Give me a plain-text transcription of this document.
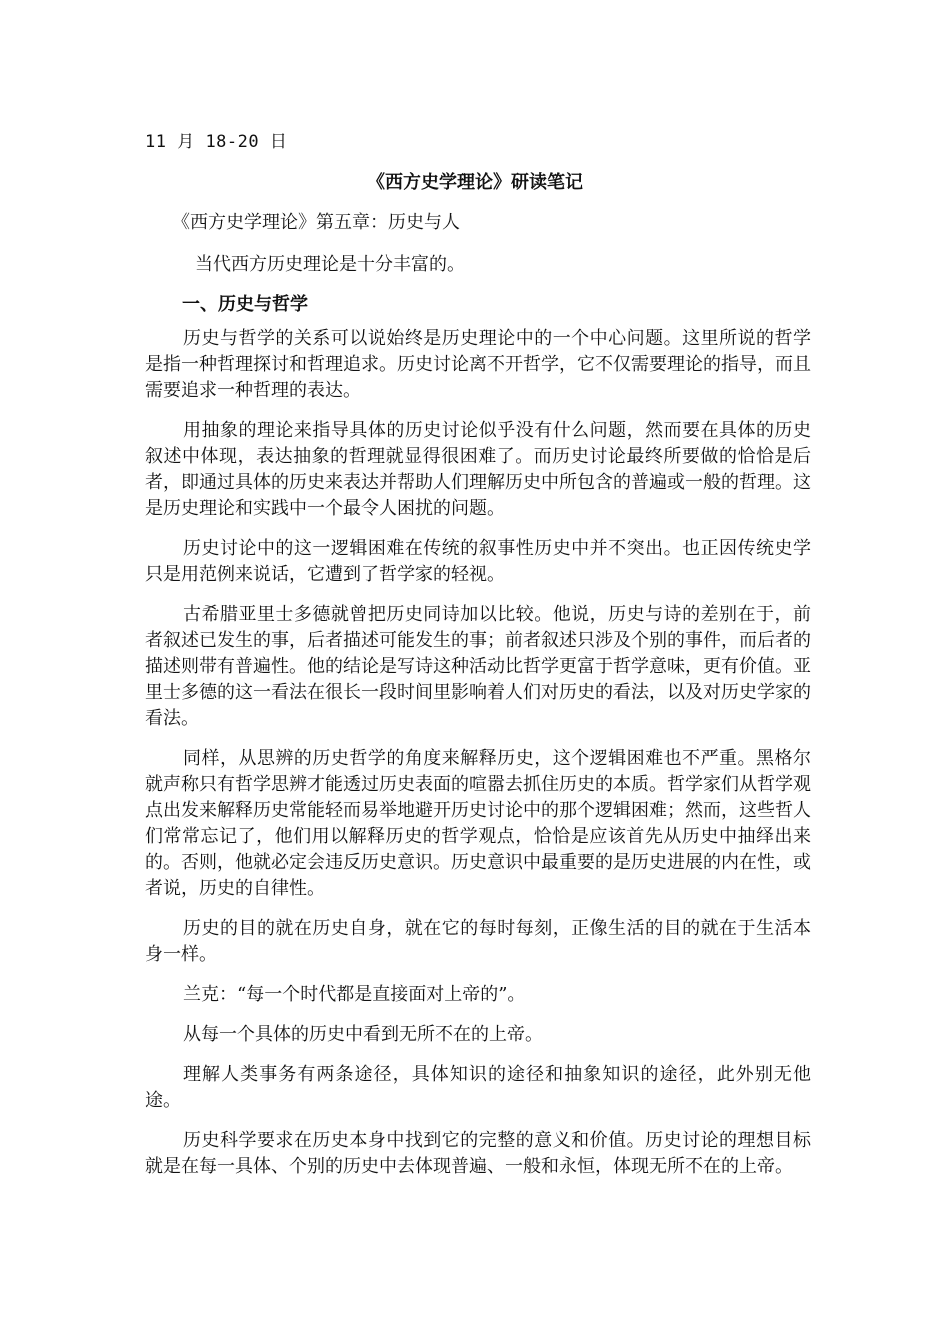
11 月 18-20 日
《西方史学理论》研读笔记
《西方史学理论》第五章：历史与人
当代西方历史理论是十分丰富的。
一、历史与哲学

历史与哲学的关系可以说始终是历史理论中的一个中心问题。这里所说的哲学是指一种哲理探讨和哲理追求。历史讨论离不开哲学，它不仅需要理论的指导，而且需要追求一种哲理的表达。

用抽象的理论来指导具体的历史讨论似乎没有什么问题，然而要在具体的历史叙述中体现，表达抽象的哲理就显得很困难了。而历史讨论最终所要做的恰恰是后者，即通过具体的历史来表达并帮助人们理解历史中所包含的普遍或一般的哲理。这是历史理论和实践中一个最令人困扰的问题。

历史讨论中的这一逻辑困难在传统的叙事性历史中并不突出。也正因传统史学只是用范例来说话，它遭到了哲学家的轻视。

古希腊亚里士多德就曾把历史同诗加以比较。他说，历史与诗的差别在于，前者叙述已发生的事，后者描述可能发生的事；前者叙述只涉及个别的事件，而后者的描述则带有普遍性。他的结论是写诗这种活动比哲学更富于哲学意味，更有价值。亚里士多德的这一看法在很长一段时间里影响着人们对历史的看法，以及对历史学家的看法。

同样，从思辨的历史哲学的角度来解释历史，这个逻辑困难也不严重。黑格尔就声称只有哲学思辨才能透过历史表面的喧嚣去抓住历史的本质。哲学家们从哲学观点出发来解释历史常能轻而易举地避开历史讨论中的那个逻辑困难；然而，这些哲人们常常忘记了，他们用以解释历史的哲学观点，恰恰是应该首先从历史中抽绎出来的。否则，他就必定会违反历史意识。历史意识中最重要的是历史进展的内在性，或者说，历史的自律性。

历史的目的就在历史自身，就在它的每时每刻，正像生活的目的就在于生活本身一样。

兰克：“每一个时代都是直接面对上帝的”。

从每一个具体的历史中看到无所不在的上帝。

理解人类事务有两条途径，具体知识的途径和抽象知识的途径，此外别无他途。

历史科学要求在历史本身中找到它的完整的意义和价值。历史讨论的理想目标就是在每一具体、个别的历史中去体现普遍、一般和永恒，体现无所不在的上帝。
